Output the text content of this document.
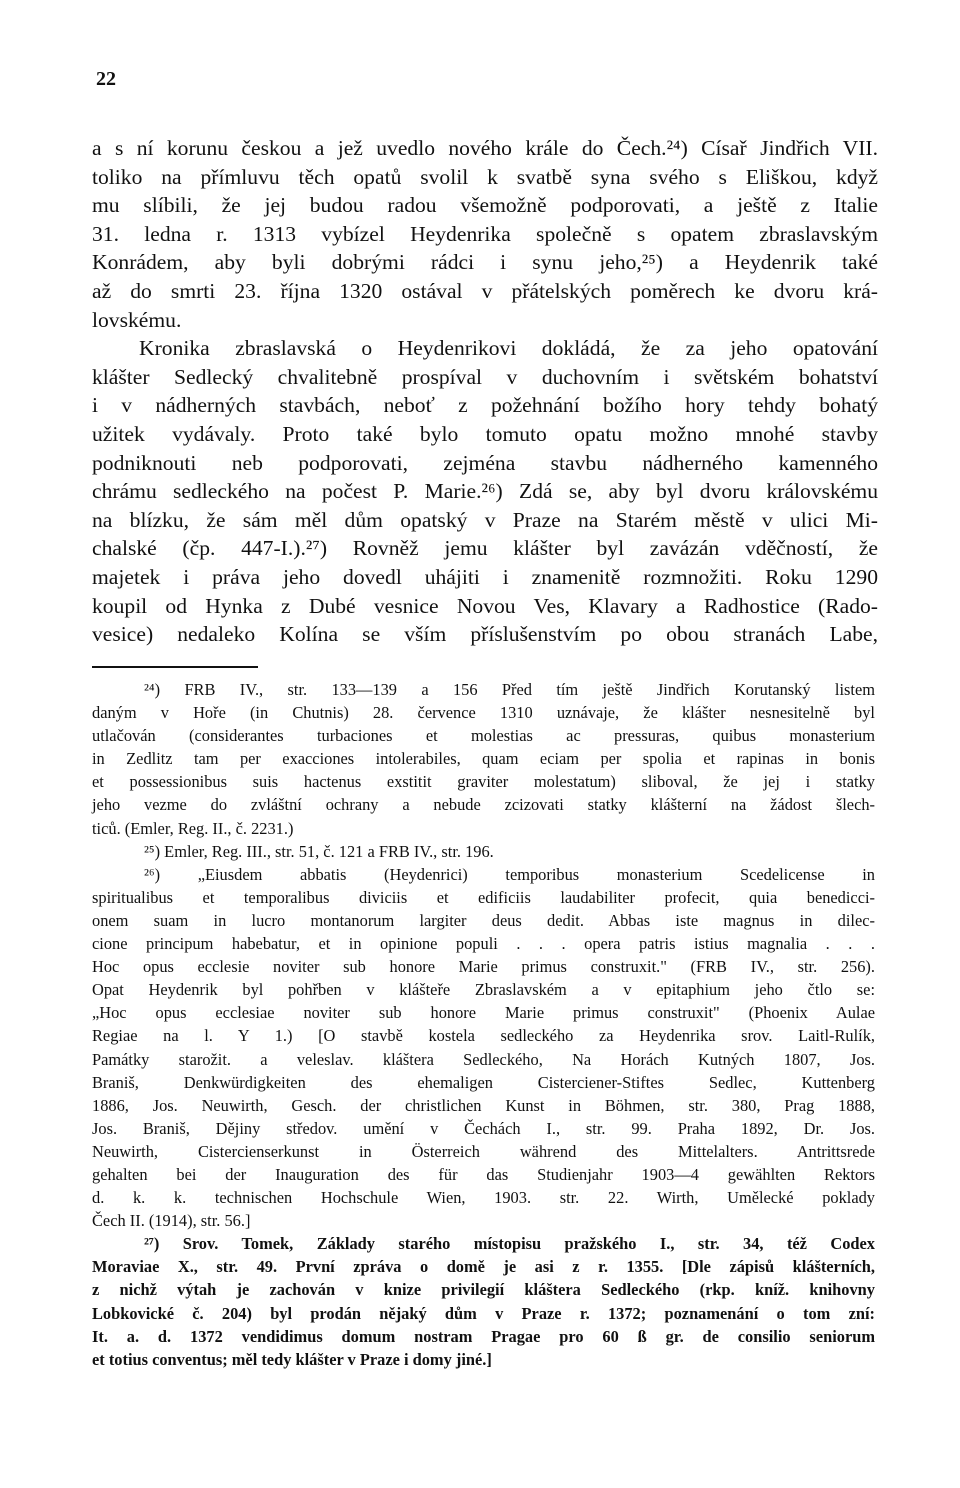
22
a s ní korunu českou a jež uvedlo nového krále do Čech.²⁴) Císař Jindřich VII.
toliko na přímluvu těch opatů svolil k svatbě syna svého s Eliškou, když
mu slíbili, že jej budou radou všemožně podporovati, a ještě z Italie
31. ledna r. 1313 vybízel Heydenrika společně s opatem zbraslavským
Konrádem, aby byli dobrými rádci i synu jeho,²⁵) a Heydenrik také
až do smrti 23. října 1320 ostával v přátelských poměrech ke dvoru krá-
lovskému.
Kronika zbraslavská o Heydenrikovi dokládá, že za jeho opatování
klášter Sedlecký chvalitebně prospíval v duchovním i světském bohatství
i v nádherných stavbách, neboť z požehnání božího hory tehdy bohatý
užitek vydávaly. Proto také bylo tomuto opatu možno mnohé stavby
podniknouti neb podporovati, zejména stavbu nádherného kamenného
chrámu sedleckého na počest P. Marie.²⁶) Zdá se, aby byl dvoru královskému
na blízku, že sám měl dům opatský v Praze na Starém městě v ulici Mi-
chalské (čp. 447-I.).²⁷) Rovněž jemu klášter byl zavázán vděčností, že
majetek i práva jeho dovedl uhájiti i znamenitě rozmnožiti. Roku 1290
koupil od Hynka z Dubé vesnice Novou Ves, Klavary a Radhostice (Rado-
vesice) nedaleko Kolína se vším příslušenstvím po obou stranách Labe,
²⁴) FRB IV., str. 133—139 a 156 Před tím ještě Jindřich Korutanský listem
daným v Hoře (in Chutnis) 28. července 1310 uznávaje, že klášter nesnesitelně byl
utlačován (considerantes turbaciones et molestias ac pressuras, quibus monasterium
in Zedlitz tam per exacciones intolerabiles, quam eciam per spolia et rapinas in bonis
et possessionibus suis hactenus exstitit graviter molestatum) sliboval, že jej i statky
jeho vezme do zvláštní ochrany a nebude zcizovati statky klášterní na žádost šlech-
ticů. (Emler, Reg. II., č. 2231.)
²⁵) Emler, Reg. III., str. 51, č. 121 a FRB IV., str. 196.
²⁶) „Eiusdem abbatis (Heydenrici) temporibus monasterium Scedelicense in
spiritualibus et temporalibus diviciis et edificiis laudabiliter profecit, quia benedicci-
onem suam in lucro montanorum largiter deus dedit. Abbas iste magnus in dilec-
cione principum habebatur, et in opinione populi . . . opera patris istius magnalia . . .
Hoc opus ecclesie noviter sub honore Marie primus construxit." (FRB IV., str. 256).
Opat Heydenrik byl pohřben v klášteře Zbraslavském a v epitaphium jeho čtlo se:
„Hoc opus ecclesiae noviter sub honore Marie primus construxit" (Phoenix Aulae
Regiae na l. Y 1.) [O stavbě kostela sedleckého za Heydenrika srov. Laitl-Rulík,
Památky starožit. a veleslav. kláštera Sedleckého, Na Horách Kutných 1807, Jos.
Braniš, Denkwürdigkeiten des ehemaligen Cisterciener-Stiftes Sedlec, Kuttenberg
1886, Jos. Neuwirth, Gesch. der christlichen Kunst in Böhmen, str. 380, Prag 1888,
Jos. Braniš, Dějiny středov. umění v Čechách I., str. 99. Praha 1892, Dr. Jos.
Neuwirth, Cistercienserkunst in Österreich während des Mittelalters. Antrittsrede
gehalten bei der Inauguration des für das Studienjahr 1903—4 gewählten Rektors
d. k. k. technischen Hochschule Wien, 1903. str. 22. Wirth, Umělecké poklady
Čech II. (1914), str. 56.]
²⁷) Srov. Tomek, Základy starého místopisu pražského I., str. 34, též Codex
Moraviae X., str. 49. První zpráva o domě je asi z r. 1355. [Dle zápisů klášterních,
z nichž výtah je zachován v knize privilegií kláštera Sedleckého (rkp. kníž. knihovny
Lobkovické č. 204) byl prodán nějaký dům v Praze r. 1372; poznamenání o tom zní:
It. a. d. 1372 vendidimus domum nostram Pragae pro 60 ß gr. de consilio seniorum
et totius conventus; měl tedy klášter v Praze i domy jiné.]
